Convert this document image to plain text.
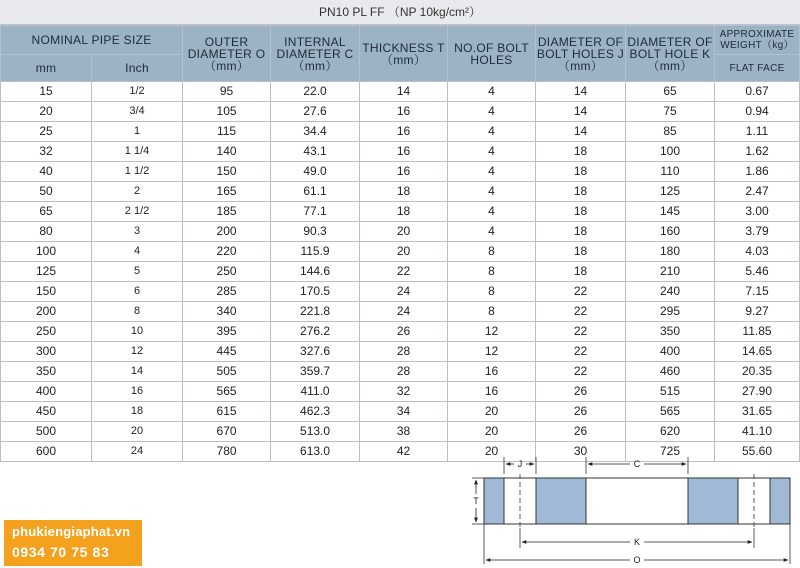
PN10 PL FF （NP 10kg/cm²）
NOMINAL PIPE SIZE		OUTER DIAMETER O（mm）	INTERNAL DIAMETER C（mm）	THICKNESS T（mm）	NO.OF BOLT HOLES	DIAMETER OF BOLT HOLES J（mm）	DIAMETER OF BOLT HOLE K（mm）	APPROXIMATE WEIGHT（kg）
mm	Inch							FLAT FACE
15	1/2	95	22.0	14	4	14	65	0.67
20	3/4	105	27.6	16	4	14	75	0.94
25	1	115	34.4	16	4	14	85	1.11
32	1 1/4	140	43.1	16	4	18	100	1.62
40	1 1/2	150	49.0	16	4	18	110	1.86
50	2	165	61.1	18	4	18	125	2.47
65	2 1/2	185	77.1	18	4	18	145	3.00
80	3	200	90.3	20	4	18	160	3.79
100	4	220	115.9	20	8	18	180	4.03
125	5	250	144.6	22	8	18	210	5.46
150	6	285	170.5	24	8	22	240	7.15
200	8	340	221.8	24	8	22	295	9.27
250	10	395	276.2	26	12	22	350	11.85
300	12	445	327.6	28	12	22	400	14.65
350	14	505	359.7	28	16	22	460	20.35
400	16	565	411.0	32	16	26	515	27.90
450	18	615	462.3	34	20	26	565	31.65
500	20	670	513.0	38	20	26	620	41.10
600	24	780	613.0	42	20	30	725	55.60
J	C
T
K
O
phukiengiaphat.vn
0934 70 75 83
